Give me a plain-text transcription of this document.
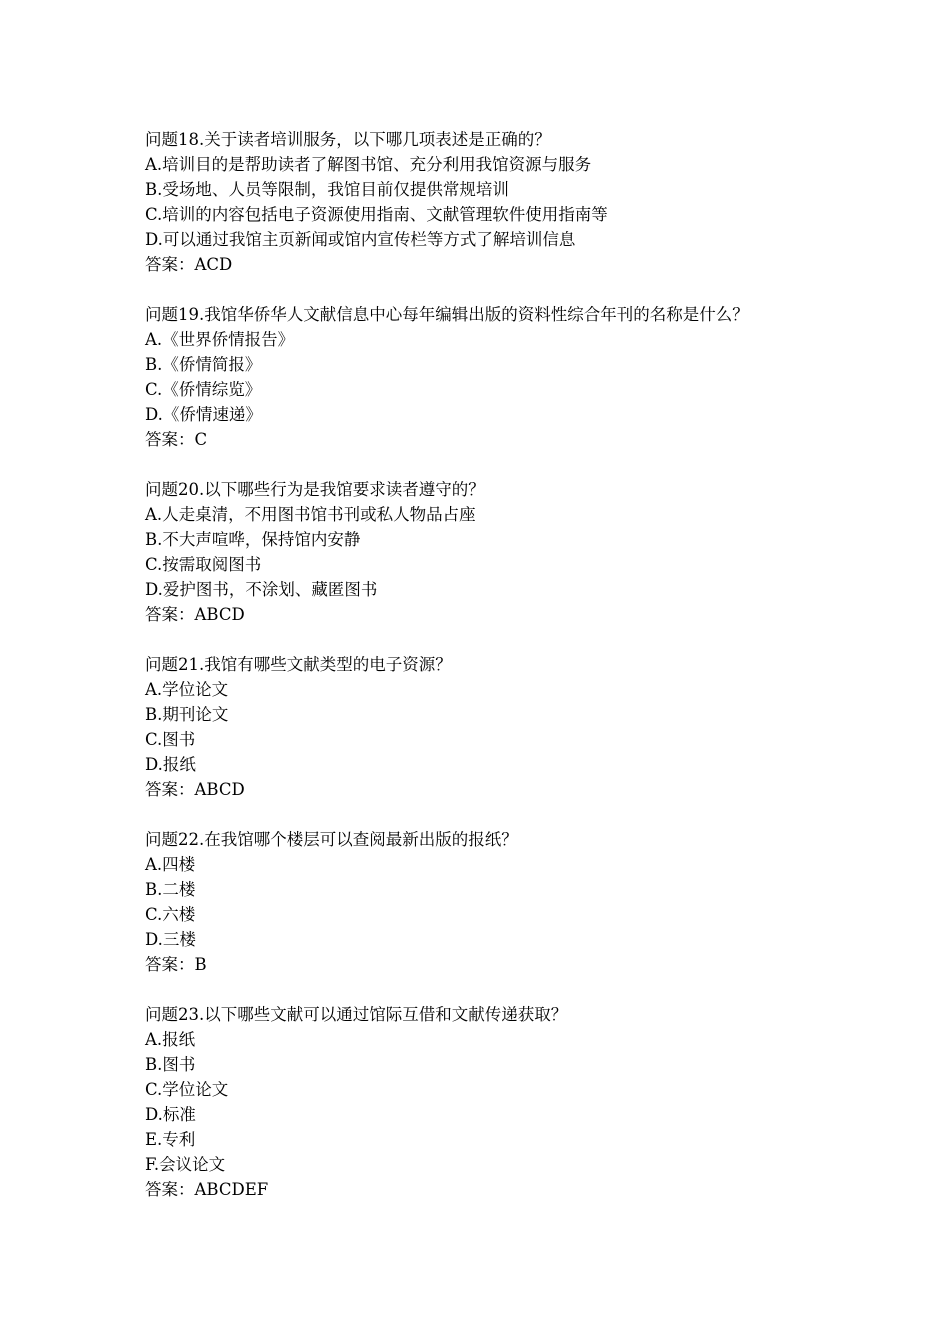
问题18.关于读者培训服务，以下哪几项表述是正确的？
A.培训目的是帮助读者了解图书馆、充分利用我馆资源与服务
B.受场地、人员等限制，我馆目前仅提供常规培训
C.培训的内容包括电子资源使用指南、文献管理软件使用指南等
D.可以通过我馆主页新闻或馆内宣传栏等方式了解培训信息
答案：ACD
问题19.我馆华侨华人文献信息中心每年编辑出版的资料性综合年刊的名称是什么？
A.《世界侨情报告》
B.《侨情简报》
C.《侨情综览》
D.《侨情速递》
答案：C
问题20.以下哪些行为是我馆要求读者遵守的？
A.人走桌清，不用图书馆书刊或私人物品占座
B.不大声喧哗，保持馆内安静
C.按需取阅图书
D.爱护图书，不涂划、藏匿图书
答案：ABCD
问题21.我馆有哪些文献类型的电子资源？
A.学位论文
B.期刊论文
C.图书
D.报纸
答案：ABCD
问题22.在我馆哪个楼层可以查阅最新出版的报纸？
A.四楼
B.二楼
C.六楼
D.三楼
答案：B
问题23.以下哪些文献可以通过馆际互借和文献传递获取？
A.报纸
B.图书
C.学位论文
D.标准
E.专利
F.会议论文
答案：ABCDEF
